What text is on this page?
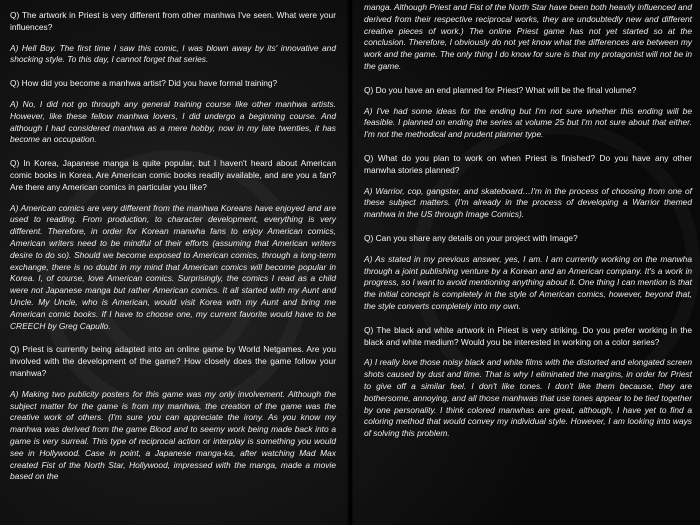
Q) The artwork in Priest is very different from other manhwa I've seen. What were your influences?

A) Hell Boy. The first time I saw this comic, I was blown away by its' innovative and shocking style. To this day, I cannot forget that series.

Q) How did you become a manhwa artist? Did you have formal training?

A) No, I did not go through any general training course like other manhwa artists. However, like these fellow manhwa lovers, I did undergo a beginning course. And although I had considered manhwa as a mere hobby, now in my late twenties, it has become an occupation.

Q) In Korea, Japanese manga is quite popular, but I haven't heard about American comic books in Korea. Are American comic books readily available, and are you a fan? Are there any American comics in particular you like?

A) American comics are very different from the manhwa Koreans have enjoyed and are used to reading. From production, to character development, everything is very different. Therefore, in order for Korean manwha fans to enjoy American comics, American writers need to be mindful of their efforts (assuming that American writers desire to do so). Should we become exposed to American comics, through a long-term exchange, there is no doubt in my mind that American comics will become popular in Korea. I, of course, love American comics. Surprisingly, the comics I read as a child were not Japanese manga but rather American comics. It all started with my Aunt and Uncle. My Uncle, who is American, would visit Korea with my Aunt and bring me American comic books. If I have to choose one, my current favorite would have to be CREECH by Greg Capullo.

Q) Priest is currently being adapted into an online game by World Netgames. Are you involved with the development of the game? How closely does the game follow your manhwa?

A) Making two publicity posters for this game was my only involvement. Although the subject matter for the game is from my manhwa, the creation of the game was the creative work of others. (I'm sure you can appreciate the irony. As you know my manhwa was derived from the game Blood and to seemy work being made back into a game is very surreal. This type of reciprocal action or interplay is something you would see in Hollywood. Case in point, a Japanese manga-ka, after watching Mad Max created Fist of the North Star, Hollywood, impressed with the manga, made a movie based on the

manga. Although Priest and Fist of the North Star have been both heavily influenced and derived from their respective reciprocal works, they are undoubtedly new and different creative pieces of work.) The online Priest game has not yet started so at the conclusion. Therefore, I obviously do not yet know what the differences are between my work and the game. The only thing I do know for sure is that my protagonist will not be in the game.

Q) Do you have an end planned for Priest? What will be the final volume?

A) I've had some ideas for the ending but I'm not sure whether this ending will be feasible. I planned on ending the series at volume 25 but I'm not sure about that either. I'm not the methodical and prudent planner type.

Q) What do you plan to work on when Priest is finished? Do you have any other manwha stories planned?

A) Warrior, cop, gangster, and skateboard…I'm in the process of choosing from one of these subject matters. (I'm already in the process of developing a Warrior themed manhwa in the US through Image Comics).

Q) Can you share any details on your project with Image?

A) As stated in my previous answer, yes, I am. I am currently working on the manwha through a joint publishing venture by a Korean and an American company. It's a work in progress, so I want to avoid mentioning anything about it. One thing I can mention is that the initial concept is completely in the style of American comics, however, beyond that, the style converts completely into my own.

Q) The black and white artwork in Priest is very striking. Do you prefer working in the black and white medium? Would you be interested in working on a color series?

A) I really love those noisy black and white films with the distorted and elongated screen shots caused by dust and time. That is why I eliminated the margins, in order for Priest to give off a similar feel. I don't like tones. I don't like them because, they are bothersome, annoying, and all those manhwas that use tones appear to be tied together by one personality. I think colored manwhas are great, although, I have yet to find a coloring method that would convey my individual style. However, I am looking into ways of solving this problem.
